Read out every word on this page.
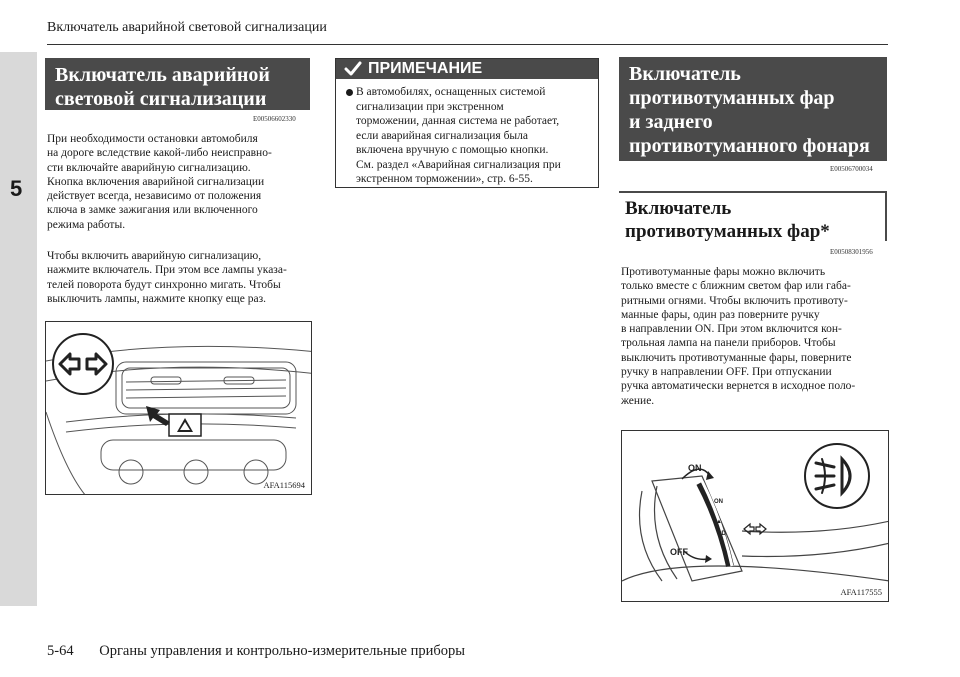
5
Включатель аварийной световой сигнализации
Включатель аварийной
световой сигнализации
E00506602330
При необходимости остановки автомобиля
на дороге вследствие какой-либо неисправно-
сти включайте аварийную сигнализацию.
Кнопка включения аварийной сигнализации
действует всегда, независимо от положения
ключа в замке зажигания или включенного
режима работы.
Чтобы включить аварийную сигнализацию,
нажмите включатель. При этом все лампы указа-
телей поворота будут синхронно мигать. Чтобы
выключить лампы, нажмите кнопку еще раз.
AFA115694
ПРИМЕЧАНИЕ
В автомобилях, оснащенных системой
сигнализации при экстренном
торможении, данная система не работает,
если аварийная сигнализация была
включена вручную с помощью кнопки.
См. раздел «Аварийная сигнализация при
экстренном торможении», стр. 6-55.
Включатель
противотуманных фар
и заднего
противотуманного фонаря
E00506700034
Включатель
противотуманных фар*
E00508301956
Противотуманные фары можно включить
только вместе с ближним светом фар или габа-
ритными огнями. Чтобы включить противоту-
манные фары, один раз поверните ручку
в направлении ON. При этом включится кон-
трольная лампа на панели приборов. Чтобы
выключить противотуманные фары, поверните
ручку в направлении OFF. При отпускании
ручка автоматически вернется в исходное поло-
жение.
ON
▲
≡D
ON
OFF
AFA117555
5-64 Органы управления и контрольно-измерительные приборы
